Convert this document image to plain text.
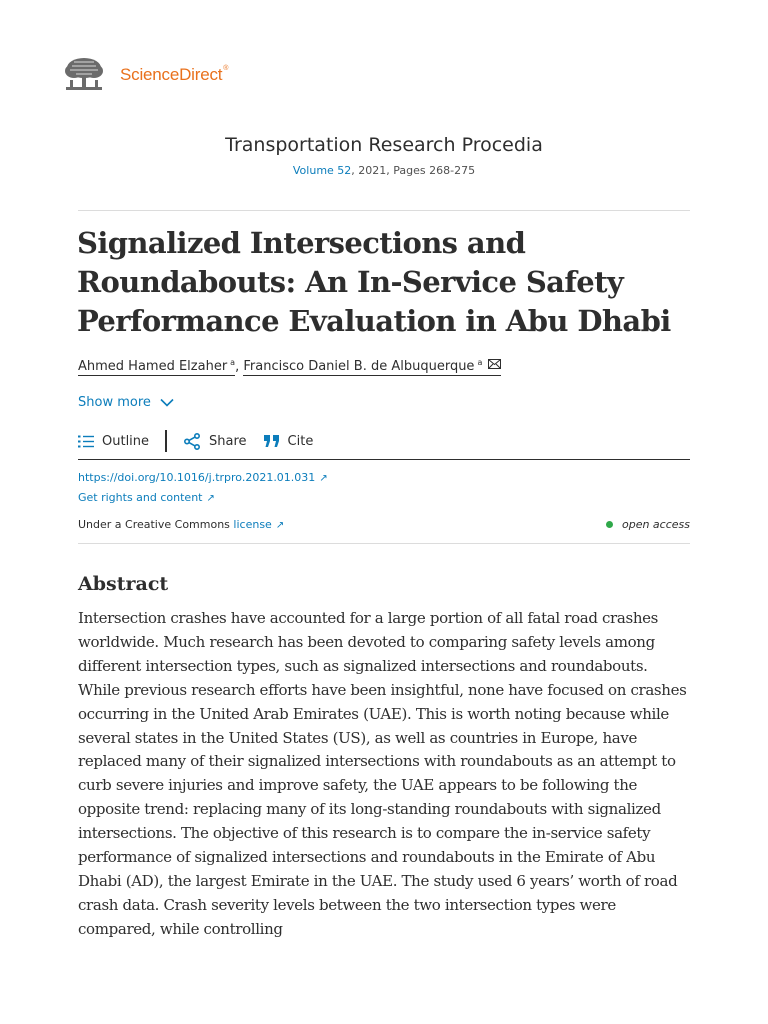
ScienceDirect®
Transportation Research Procedia
Volume 52, 2021, Pages 268-275
Signalized Intersections and Roundabouts: An In-Service Safety Performance Evaluation in Abu Dhabi
Ahmed Hamed Elzaher $^a$, Francisco Daniel B. de Albuquerque $^a$
Show more
Outline	Share	Cite
https://doi.org/10.1016/j.trpro.2021.01.031 ↗
Get rights and content ↗
Under a Creative Commons license ↗	open access
Abstract

Intersection crashes have accounted for a large portion of all fatal road crashes worldwide. Much research has been devoted to comparing safety levels among different intersection types, such as signalized intersections and roundabouts. While previous research efforts have been insightful, none have focused on crashes occurring in the United Arab Emirates (UAE). This is worth noting because while several states in the United States (US), as well as countries in Europe, have replaced many of their signalized intersections with roundabouts as an attempt to curb severe injuries and improve safety, the UAE appears to be following the opposite trend: replacing many of its long-standing roundabouts with signalized intersections. The objective of this research is to compare the in-service safety performance of signalized intersections and roundabouts in the Emirate of Abu Dhabi (AD), the largest Emirate in the UAE. The study used 6 years’ worth of road crash data. Crash severity levels between the two intersection types were compared, while controlling
